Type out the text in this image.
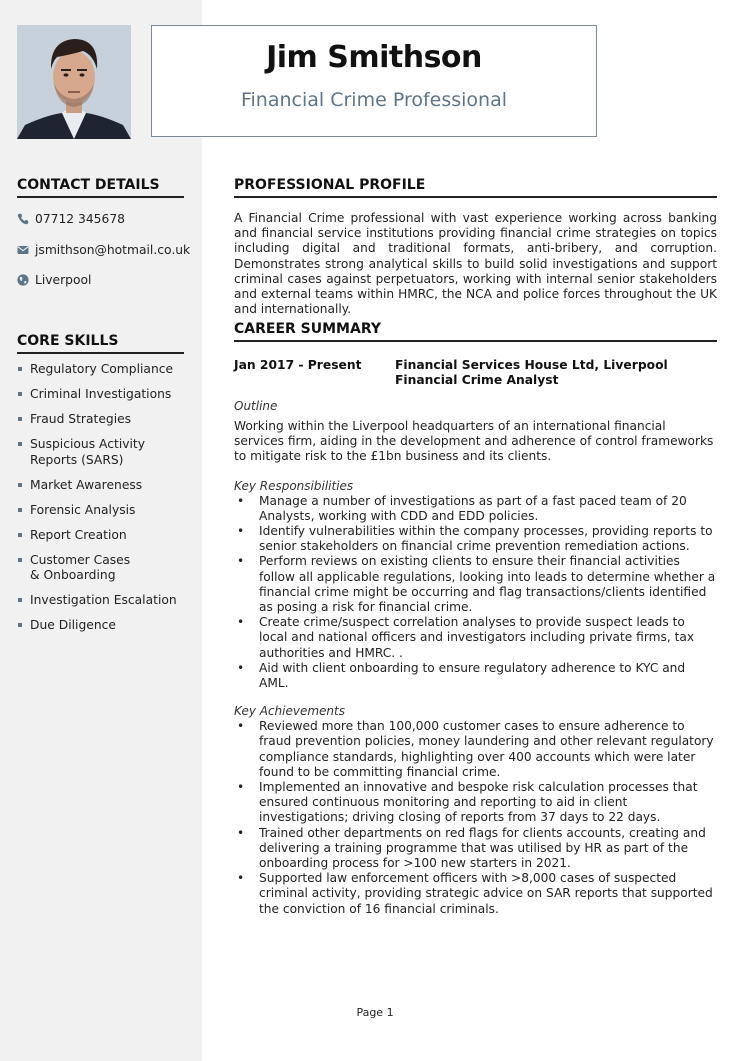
Jim Smithson
Financial Crime Professional
CONTACT DETAILS
07712 345678
jsmithson@hotmail.co.uk
Liverpool
CORE SKILLS
Regulatory Compliance
Criminal Investigations
Fraud Strategies
Suspicious Activity Reports (SARS)
Market Awareness
Forensic Analysis
Report Creation
Customer Cases & Onboarding
Investigation Escalation
Due Diligence
PROFESSIONAL PROFILE
A Financial Crime professional with vast experience working across banking and financial service institutions providing financial crime strategies on topics including digital and traditional formats, anti-bribery, and corruption. Demonstrates strong analytical skills to build solid investigations and support criminal cases against perpetuators, working with internal senior stakeholders and external teams within HMRC, the NCA and police forces throughout the UK and internationally.
CAREER SUMMARY
Jan 2017 - Present	Financial Services House Ltd, Liverpool
Financial Crime Analyst
Outline
Working within the Liverpool headquarters of an international financial services firm, aiding in the development and adherence of control frameworks to mitigate risk to the £1bn business and its clients.
Key Responsibilities
• Manage a number of investigations as part of a fast paced team of 20 Analysts, working with CDD and EDD policies.
• Identify vulnerabilities within the company processes, providing reports to senior stakeholders on financial crime prevention remediation actions.
• Perform reviews on existing clients to ensure their financial activities follow all applicable regulations, looking into leads to determine whether a financial crime might be occurring and flag transactions/clients identified as posing a risk for financial crime.
• Create crime/suspect correlation analyses to provide suspect leads to local and national officers and investigators including private firms, tax authorities and HMRC. .
• Aid with client onboarding to ensure regulatory adherence to KYC and AML.
Key Achievements
• Reviewed more than 100,000 customer cases to ensure adherence to fraud prevention policies, money laundering and other relevant regulatory compliance standards, highlighting over 400 accounts which were later found to be committing financial crime.
• Implemented an innovative and bespoke risk calculation processes that ensured continuous monitoring and reporting to aid in client investigations; driving closing of reports from 37 days to 22 days.
• Trained other departments on red flags for clients accounts, creating and delivering a training programme that was utilised by HR as part of the onboarding process for >100 new starters in 2021.
• Supported law enforcement officers with >8,000 cases of suspected criminal activity, providing strategic advice on SAR reports that supported the conviction of 16 financial criminals.
Page 1
